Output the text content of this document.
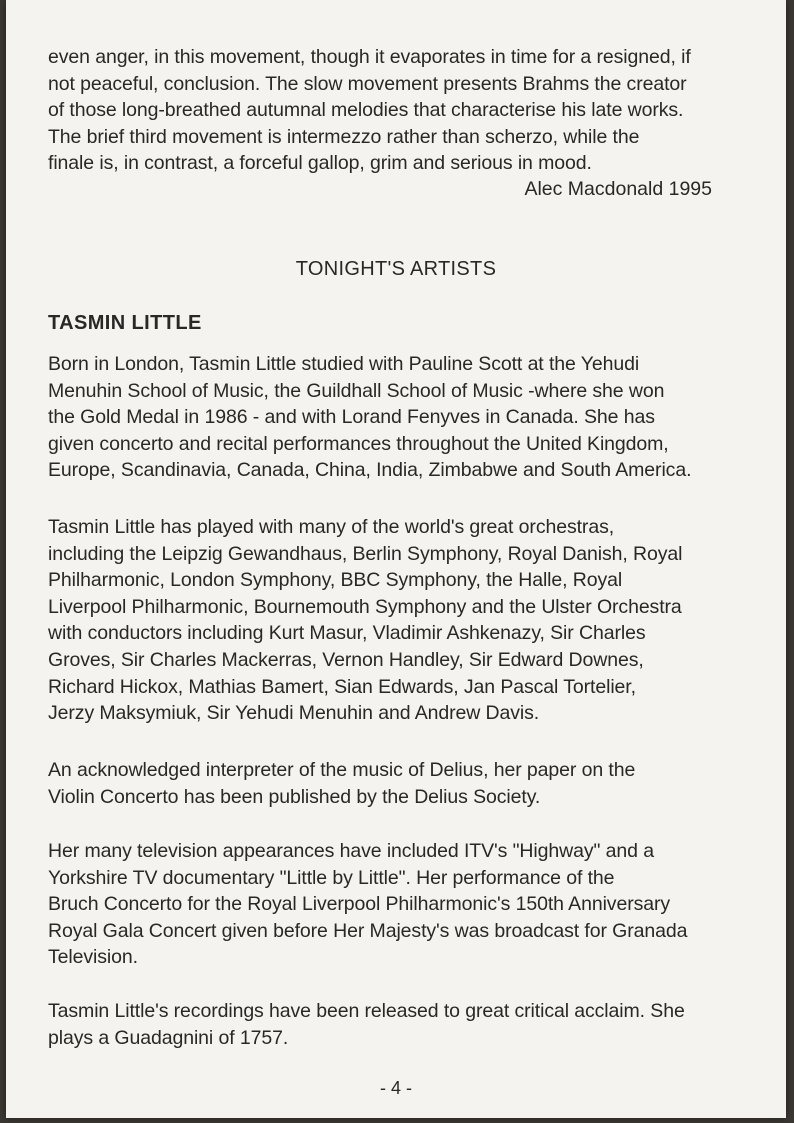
even anger, in this movement, though it evaporates in time for a resigned, if
not peaceful, conclusion. The slow movement presents Brahms the creator
of those long-breathed autumnal melodies that characterise his late works.
The brief third movement is intermezzo rather than scherzo, while the
finale is, in contrast, a forceful gallop, grim and serious in mood.

Alec Macdonald 1995
TONIGHT'S ARTISTS
TASMIN LITTLE

Born in London, Tasmin Little studied with Pauline Scott at the Yehudi
Menuhin School of Music, the Guildhall School of Music -where she won
the Gold Medal in 1986 - and with Lorand Fenyves in Canada. She has
given concerto and recital performances throughout the United Kingdom,
Europe, Scandinavia, Canada, China, India, Zimbabwe and South America.

Tasmin Little has played with many of the world's great orchestras,
including the Leipzig Gewandhaus, Berlin Symphony, Royal Danish, Royal
Philharmonic, London Symphony, BBC Symphony, the Halle, Royal
Liverpool Philharmonic, Bournemouth Symphony and the Ulster Orchestra
with conductors including Kurt Masur, Vladimir Ashkenazy, Sir Charles
Groves, Sir Charles Mackerras, Vernon Handley, Sir Edward Downes,
Richard Hickox, Mathias Bamert, Sian Edwards, Jan Pascal Tortelier,
Jerzy Maksymiuk, Sir Yehudi Menuhin and Andrew Davis.

An acknowledged interpreter of the music of Delius, her paper on the
Violin Concerto has been published by the Delius Society.

Her many television appearances have included ITV's "Highway" and a
Yorkshire TV documentary "Little by Little". Her performance of the
Bruch Concerto for the Royal Liverpool Philharmonic's 150th Anniversary
Royal Gala Concert given before Her Majesty's was broadcast for Granada
Television.

Tasmin Little's recordings have been released to great critical acclaim. She
plays a Guadagnini of 1757.

- 4 -
